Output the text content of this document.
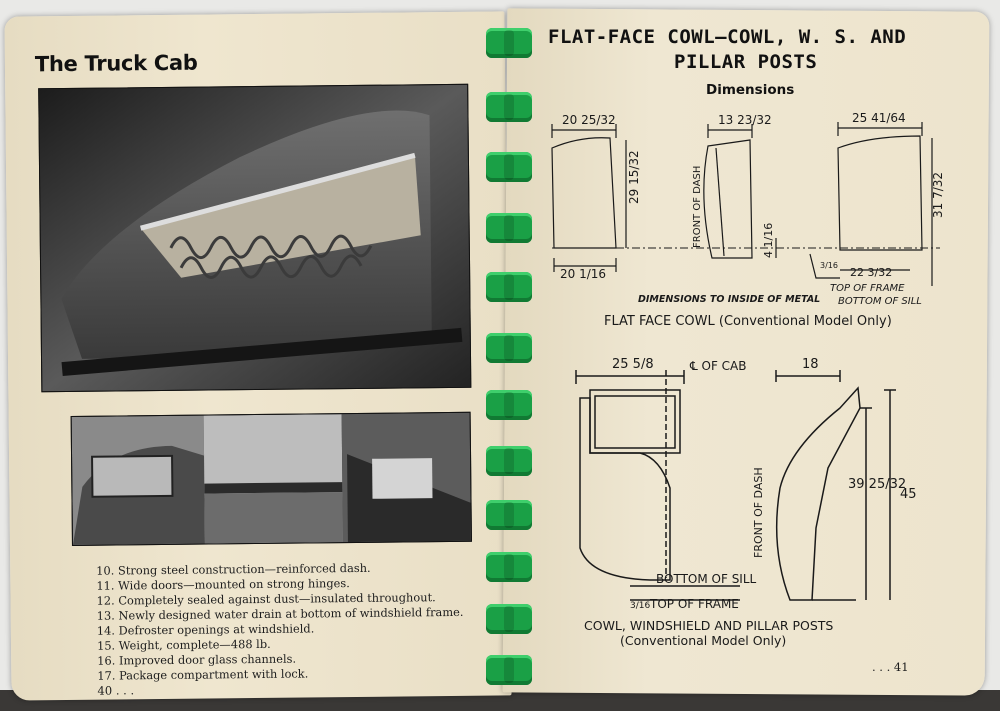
The Truck Cab
10. Strong steel construction—reinforced dash.
11. Wide doors—mounted on strong hinges.
12. Completely sealed against dust—insulated throughout.
13. Newly designed water drain at bottom of windshield frame.
14. Defroster openings at windshield.
15. Weight, complete—488 lb.
16. Improved door glass channels.
17. Package compartment with lock.
40 . . .
FLAT-FACE COWL—COWL, W. S. AND
PILLAR POSTS
Dimensions
20 25/32	13 23/32	25 41/64
29 15/32	31 7/32
FRONT OF DASH	4 1/16
20 1/16	22 3/32
3/16
TOP OF FRAME
BOTTOM OF SILL
25 5/8	℄ OF CAB	18
39 25/32
45
FRONT OF DASH
BOTTOM OF SILL
TOP OF FRAME
3/16
DIMENSIONS TO INSIDE OF METAL
FLAT FACE COWL (Conventional Model Only)
COWL, WINDSHIELD AND PILLAR POSTS
(Conventional Model Only)
. . . 41
